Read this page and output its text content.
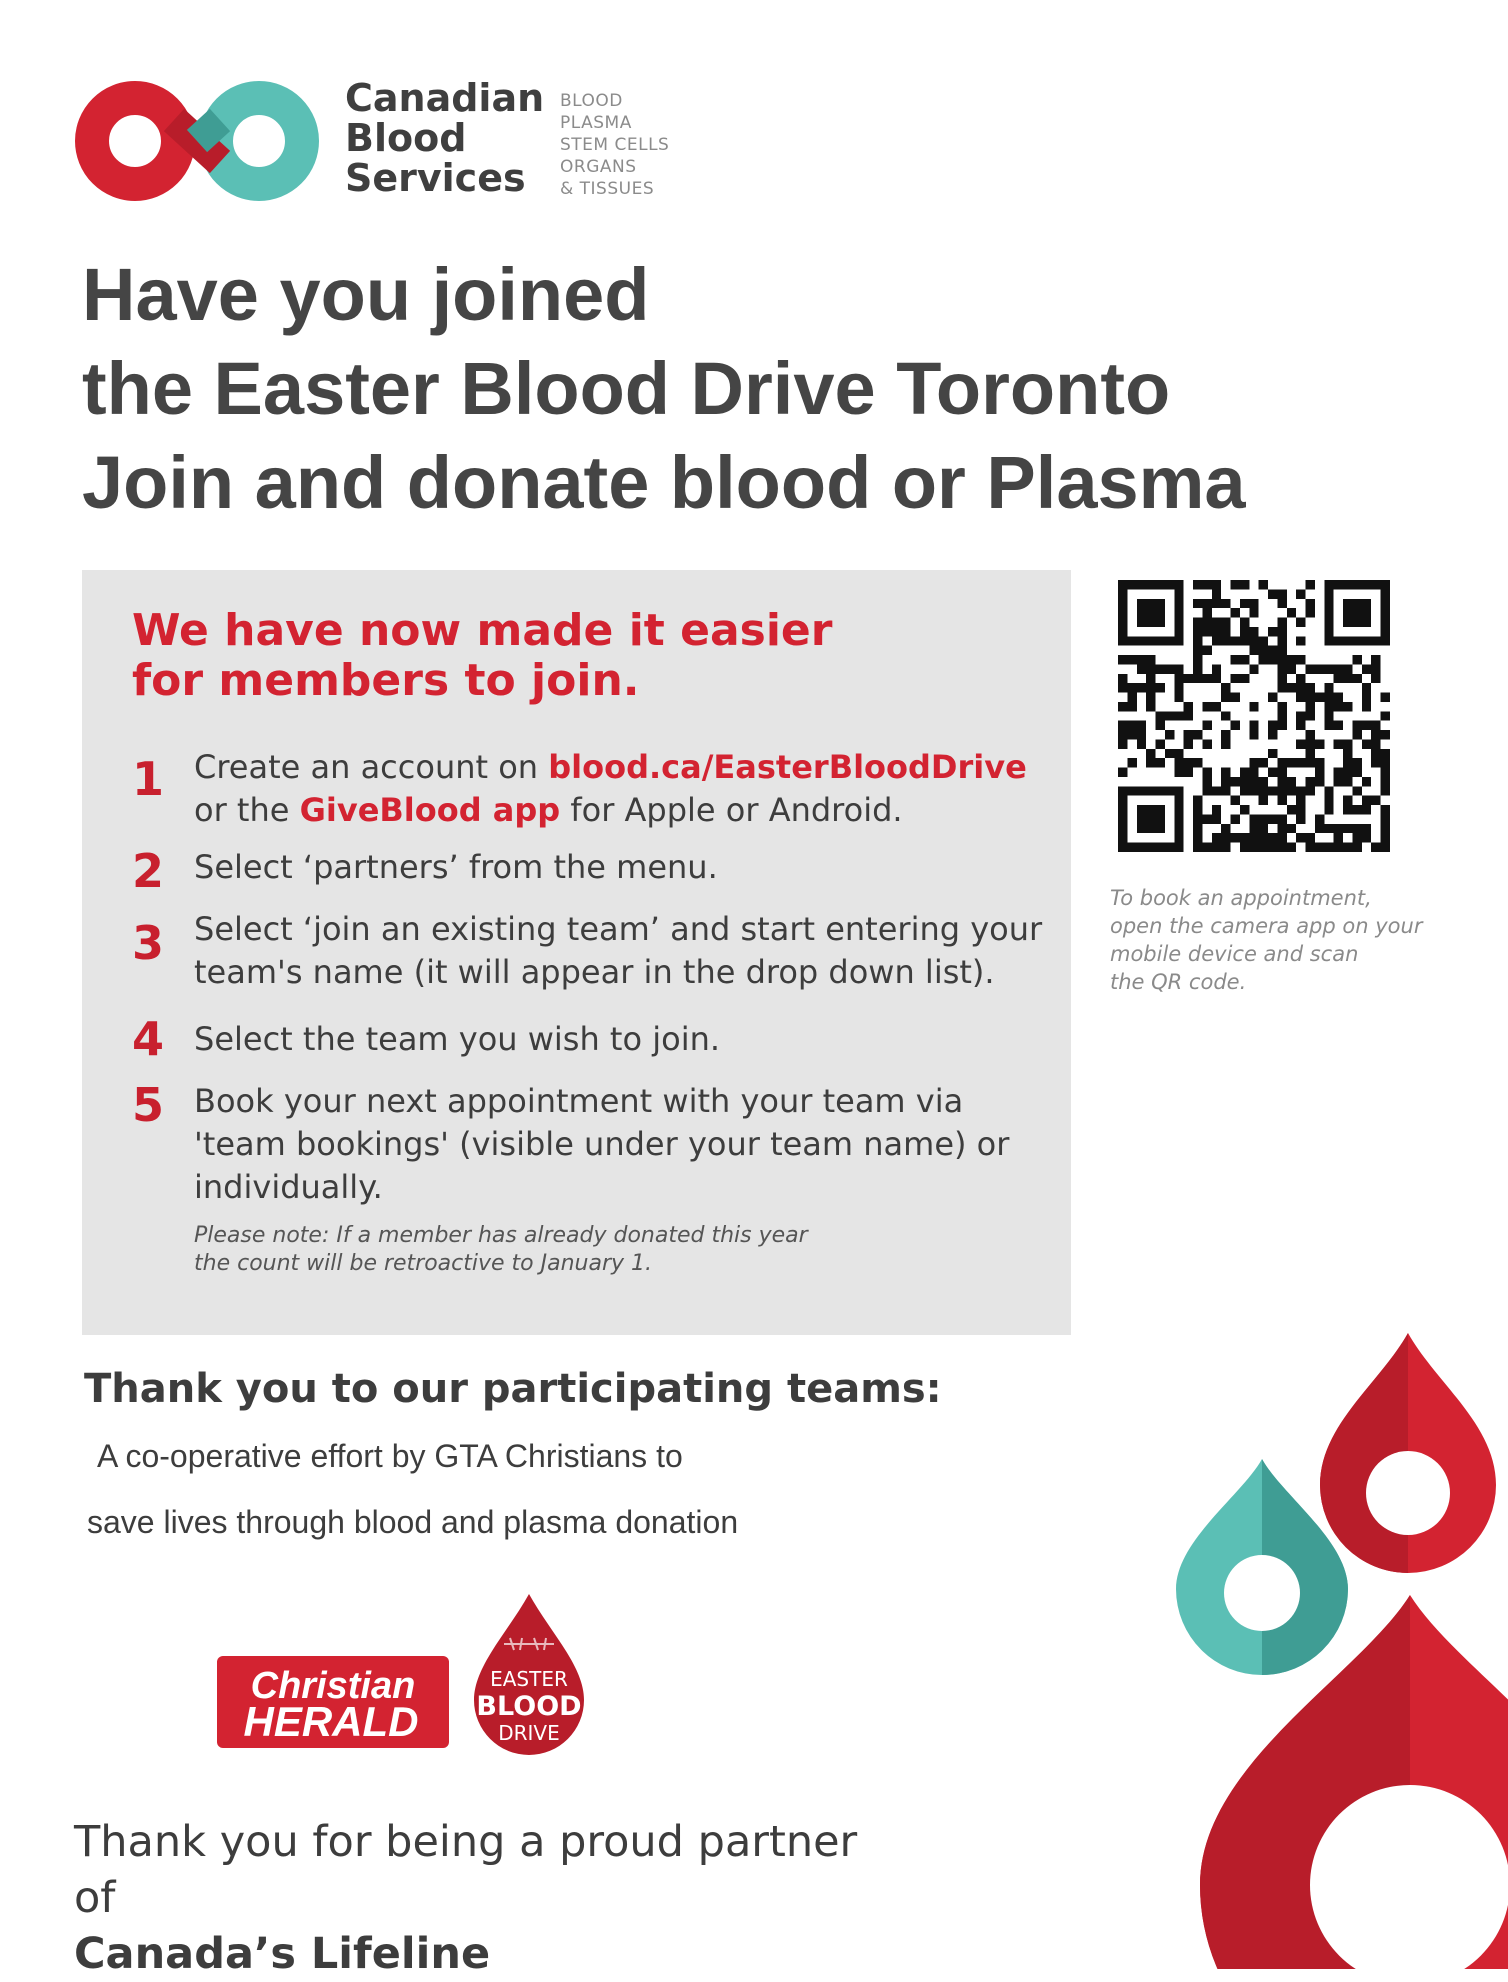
Canadian
Blood
Services
BLOOD
PLASMA
STEM CELLS
ORGANS
& TISSUES
Have you joined
the Easter Blood Drive Toronto
Join and donate blood or Plasma
We have now made it easier
for members to join.
1 Create an account on blood.ca/EasterBloodDrive
or the GiveBlood app for Apple or Android.
2 Select ‘partners’ from the menu.
3 Select ‘join an existing team’ and start entering your team's name (it will appear in the drop down list).
4 Select the team you wish to join.
5 Book your next appointment with your team via 'team bookings' (visible under your team name) or individually.
Please note: If a member has already donated this year
the count will be retroactive to January 1.
To book an appointment,
open the camera app on your
mobile device and scan
the QR code.
Thank you to our participating teams:
A co-operative effort by GTA Christians to
save lives through blood and plasma donation
Christian
HERALD
EASTER
BLOOD
DRIVE
Thank you for being a proud partner
of
Canada’s Lifeline
